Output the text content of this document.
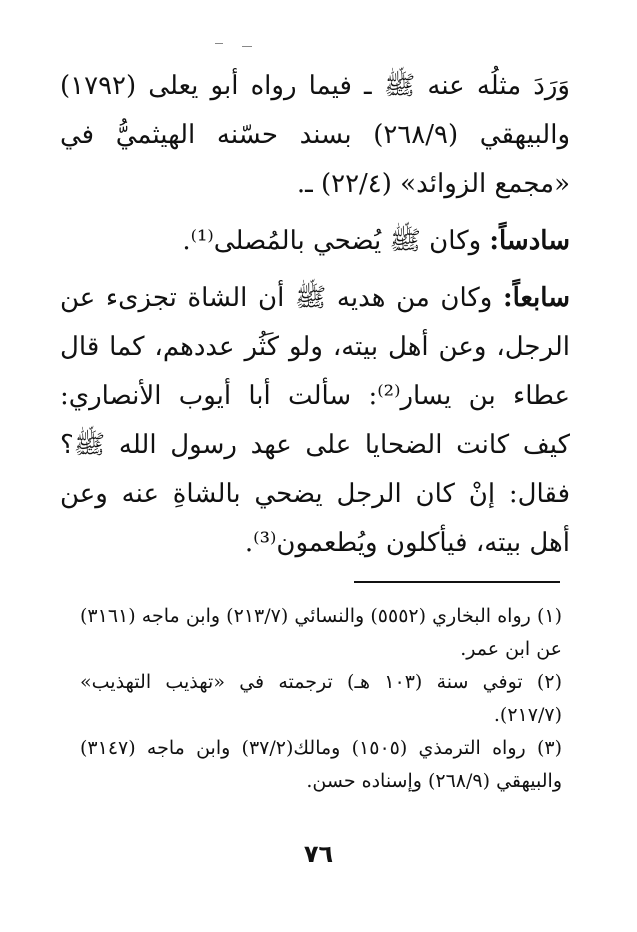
وَرَدَ مثلُه عنه ﷺ ـ فيما رواه أبو يعلى (١٧٩٢) والبيهقي (٢٦٨/٩) بسند حسّنه الهيثميُّ في «مجمع الزوائد» (٢٢/٤) ـ.

سادساً: وكان ﷺ يُضحي بالمُصلى⁽¹⁾.

سابعاً: وكان من هديه ﷺ أن الشاة تجزىء عن الرجل، وعن أهل بيته، ولو كَثُر عددهم، كما قال عطاء بن يسار⁽²⁾: سألت أبا أيوب الأنصاري: كيف كانت الضحايا على عهد رسول الله ﷺ؟ فقال: إنْ كان الرجل يضحي بالشاةِ عنه وعن أهل بيته، فيأكلون ويُطعمون⁽³⁾.

(١) رواه البخاري (٥٥٥٢) والنسائي (٢١٣/٧) وابن ماجه (٣١٦١) عن ابن عمر.

(٢) توفي سنة (١٠٣ هـ) ترجمته في «تهذيب التهذيب» (٢١٧/٧).

(٣) رواه الترمذي (١٥٠٥) ومالك(٣٧/٢) وابن ماجه (٣١٤٧) والبيهقي (٢٦٨/٩) وإسناده حسن.

٧٦
